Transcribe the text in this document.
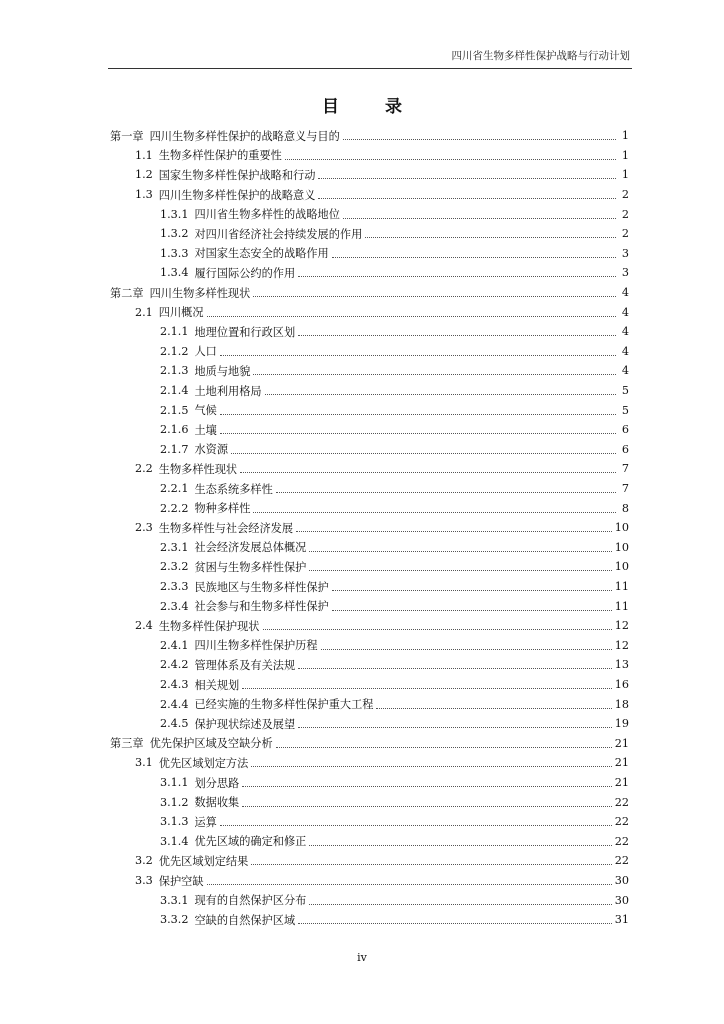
四川省生物多样性保护战略与行动计划
目 录
第一章 四川生物多样性保护的战略意义与目的	1
1.1 生物多样性保护的重要性	1
1.2 国家生物多样性保护战略和行动	1
1.3 四川生物多样性保护的战略意义	2
1.3.1 四川省生物多样性的战略地位	2
1.3.2 对四川省经济社会持续发展的作用	2
1.3.3 对国家生态安全的战略作用	3
1.3.4 履行国际公约的作用	3
第二章 四川生物多样性现状	4
2.1 四川概况	4
2.1.1 地理位置和行政区划	4
2.1.2 人口	4
2.1.3 地质与地貌	4
2.1.4 土地利用格局	5
2.1.5 气候	5
2.1.6 土壤	6
2.1.7 水资源	6
2.2 生物多样性现状	7
2.2.1 生态系统多样性	7
2.2.2 物种多样性	8
2.3 生物多样性与社会经济发展	10
2.3.1 社会经济发展总体概况	10
2.3.2 贫困与生物多样性保护	10
2.3.3 民族地区与生物多样性保护	11
2.3.4 社会参与和生物多样性保护	11
2.4 生物多样性保护现状	12
2.4.1 四川生物多样性保护历程	12
2.4.2 管理体系及有关法规	13
2.4.3 相关规划	16
2.4.4 已经实施的生物多样性保护重大工程	18
2.4.5 保护现状综述及展望	19
第三章 优先保护区域及空缺分析	21
3.1 优先区域划定方法	21
3.1.1 划分思路	21
3.1.2 数据收集	22
3.1.3 运算	22
3.1.4 优先区域的确定和修正	22
3.2 优先区域划定结果	22
3.3 保护空缺	30
3.3.1 现有的自然保护区分布	30
3.3.2 空缺的自然保护区域	31
iv
